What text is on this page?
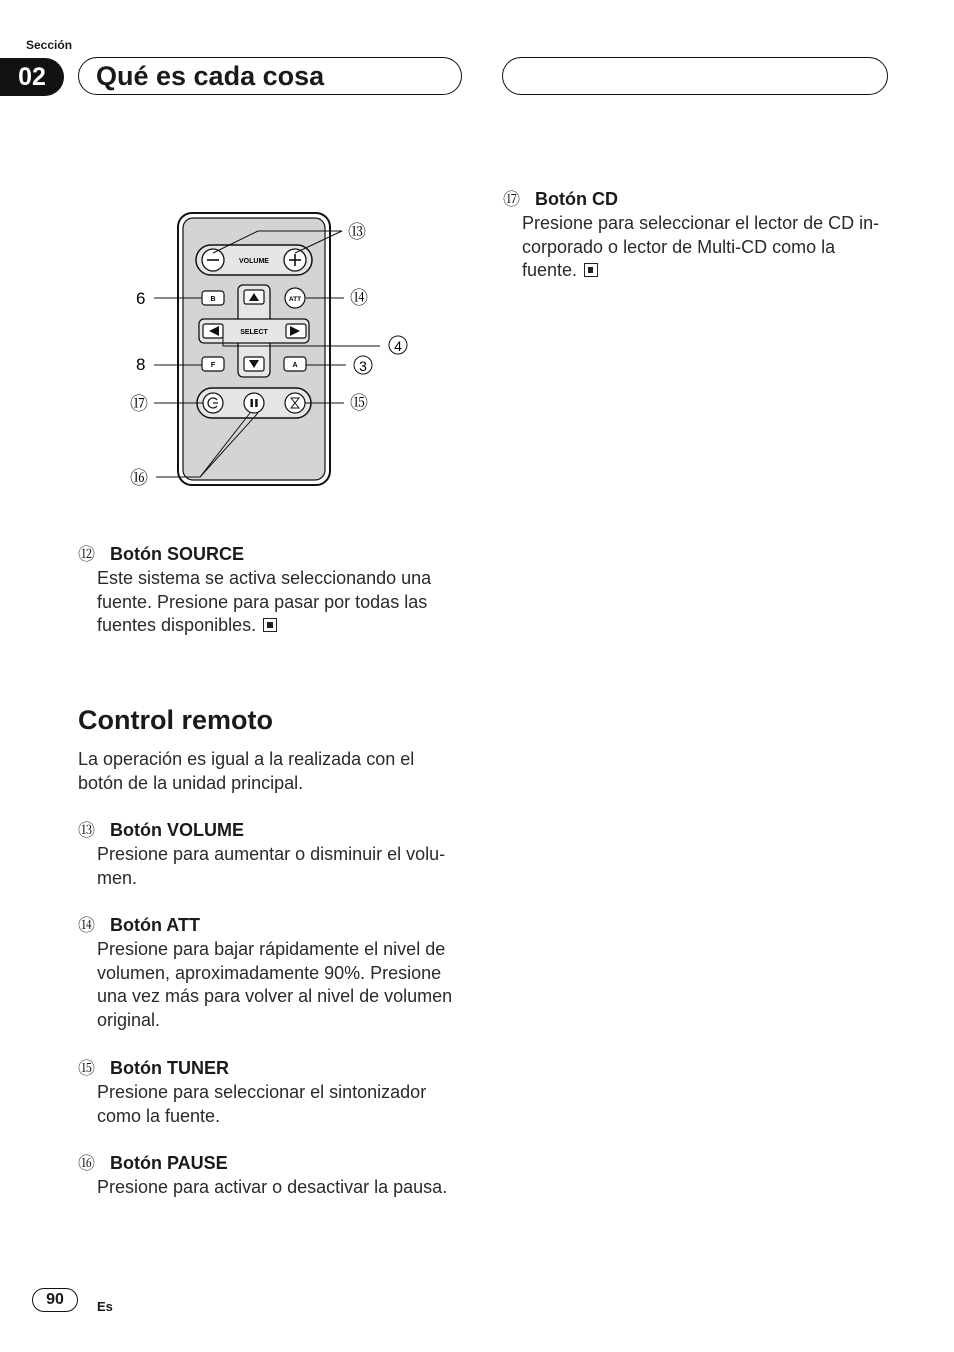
Sección
02	Qué es cada cosa
VOLUME
SELECT
B	ATT
F	A
⑬
6	⑭
4
8	3
⑰	⑮
⑯
⑫ Botón SOURCE
Este sistema se activa seleccionando una
fuente. Presione para pasar por todas las
fuentes disponibles.
Control remoto
La operación es igual a la realizada con el
botón de la unidad principal.
⑬ Botón VOLUME
Presione para aumentar o disminuir el volu-
men.
⑭ Botón ATT
Presione para bajar rápidamente el nivel de
volumen, aproximadamente 90%. Presione
una vez más para volver al nivel de volumen
original.
⑮ Botón TUNER
Presione para seleccionar el sintonizador
como la fuente.
⑯ Botón PAUSE
Presione para activar o desactivar la pausa.
⑰ Botón CD
Presione para seleccionar el lector de CD in-
corporado o lector de Multi-CD como la
fuente.
90	Es
